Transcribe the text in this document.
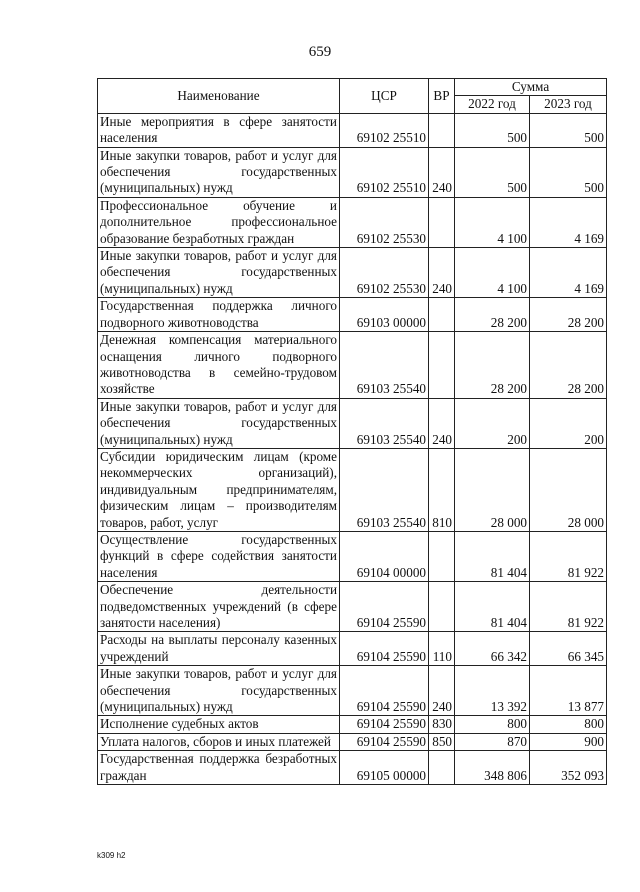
659
Наименование	ЦСР	ВР	Сумма	
			2022 год	2023 год
Иные мероприятия в сфере занятости населения	69102 25510		500	500
Иные закупки товаров, работ и услуг для обеспечения государственных (муниципальных) нужд	69102 25510	240	500	500
Профессиональное обучение и дополнительное профессиональное образование безработных граждан	69102 25530		4 100	4 169
Иные закупки товаров, работ и услуг для обеспечения государственных (муниципальных) нужд	69102 25530	240	4 100	4 169
Государственная поддержка личного подворного животноводства	69103 00000		28 200	28 200
Денежная компенсация материального оснащения личного подворного животноводства в семейно-трудовом хозяйстве	69103 25540		28 200	28 200
Иные закупки товаров, работ и услуг для обеспечения государственных (муниципальных) нужд	69103 25540	240	200	200
Субсидии юридическим лицам (кроме некоммерческих организаций), индивидуальным предпринимателям, физическим лицам – производителям товаров, работ, услуг	69103 25540	810	28 000	28 000
Осуществление государственных функций в сфере содействия занятости населения	69104 00000		81 404	81 922
Обеспечение деятельности подведомственных учреждений (в сфере занятости населения)	69104 25590		81 404	81 922
Расходы на выплаты персоналу казенных учреждений	69104 25590	110	66 342	66 345
Иные закупки товаров, работ и услуг для обеспечения государственных (муниципальных) нужд	69104 25590	240	13 392	13 877
Исполнение судебных актов	69104 25590	830	800	800
Уплата налогов, сборов и иных платежей	69104 25590	850	870	900
Государственная поддержка безработных граждан	69105 00000		348 806	352 093
k309 h2
